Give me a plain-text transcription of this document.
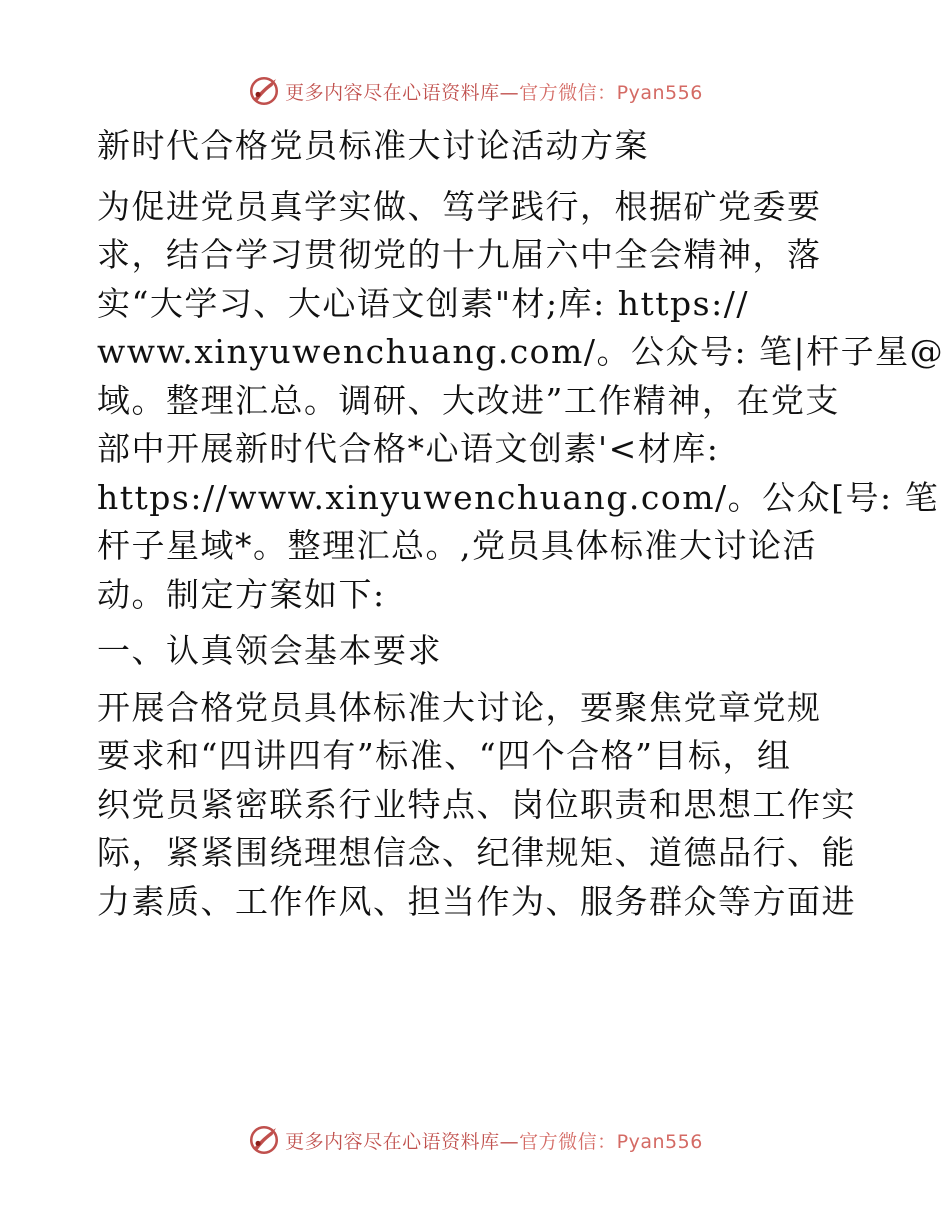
更多内容尽在心语资料库—官方微信：Pyan556
新时代合格党员标准大讨论活动方案
为促进党员真学实做、笃学践行，根据矿党委要
求，结合学习贯彻党的十九届六中全会精神，落
实“大学习、大心语文创素"材;库: https://
www.xinyuwenchuang.com/。公众号: 笔|杆子星@
域。整理汇总。调研、大改进”工作精神，在党支
部中开展新时代合格*心语文创素'<材库:
https://www.xinyuwenchuang.com/。公众[号: 笔
杆子星域*。整理汇总。,党员具体标准大讨论活
动。制定方案如下:
一、认真领会基本要求
开展合格党员具体标准大讨论，要聚焦党章党规
要求和“四讲四有”标准、“四个合格”目标，组
织党员紧密联系行业特点、岗位职责和思想工作实
际，紧紧围绕理想信念、纪律规矩、道德品行、能
力素质、工作作风、担当作为、服务群众等方面进
更多内容尽在心语资料库—官方微信：Pyan556
